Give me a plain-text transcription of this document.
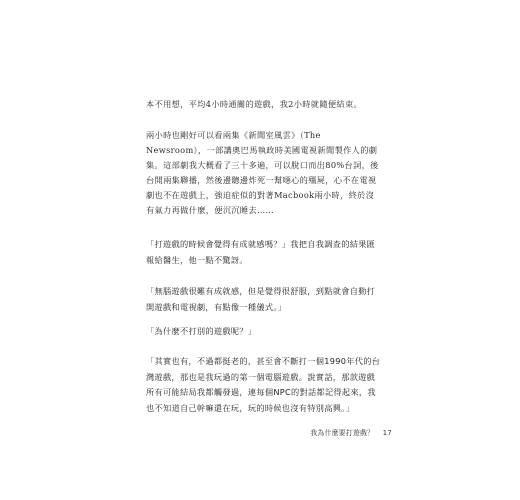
本不用想，平均4小時通關的遊戲，我2小時就隨便結束。

兩小時也剛好可以看兩集《新聞室風雲》（The Newsroom），一部講奧巴馬執政時美國電視新聞製作人的劇集。這部劇我大概看了三十多遍，可以脫口而出80%台詞，後台開兩集聯播，然後邊聽邊炸死一幫噁心的殭屍，心不在電視劇也不在遊戲上，強迫症似的對著Macbook兩小時，終於沒有氣力再做什麼，便沉沉睡去……

「打遊戲的時候會覺得有成就感嗎？」我把自我調查的結果匯報給醫生，他一點不驚訝。

「無腦遊戲很難有成就感，但是覺得很舒服，到點就會自動打開遊戲和電視劇，有點像一種儀式。」

「為什麼不打別的遊戲呢？」

「其實也有，不過都挺老的，甚至會不斷打一個1990年代的台灣遊戲，那也是我玩過的第一個電腦遊戲。說實話，那款遊戲所有可能結局我都觸發過，連每個NPC的對話都記得起來，我也不知道自己幹嘛還在玩，玩的時候也沒有特別高興。」

我為什麼要打遊戲？ 17
